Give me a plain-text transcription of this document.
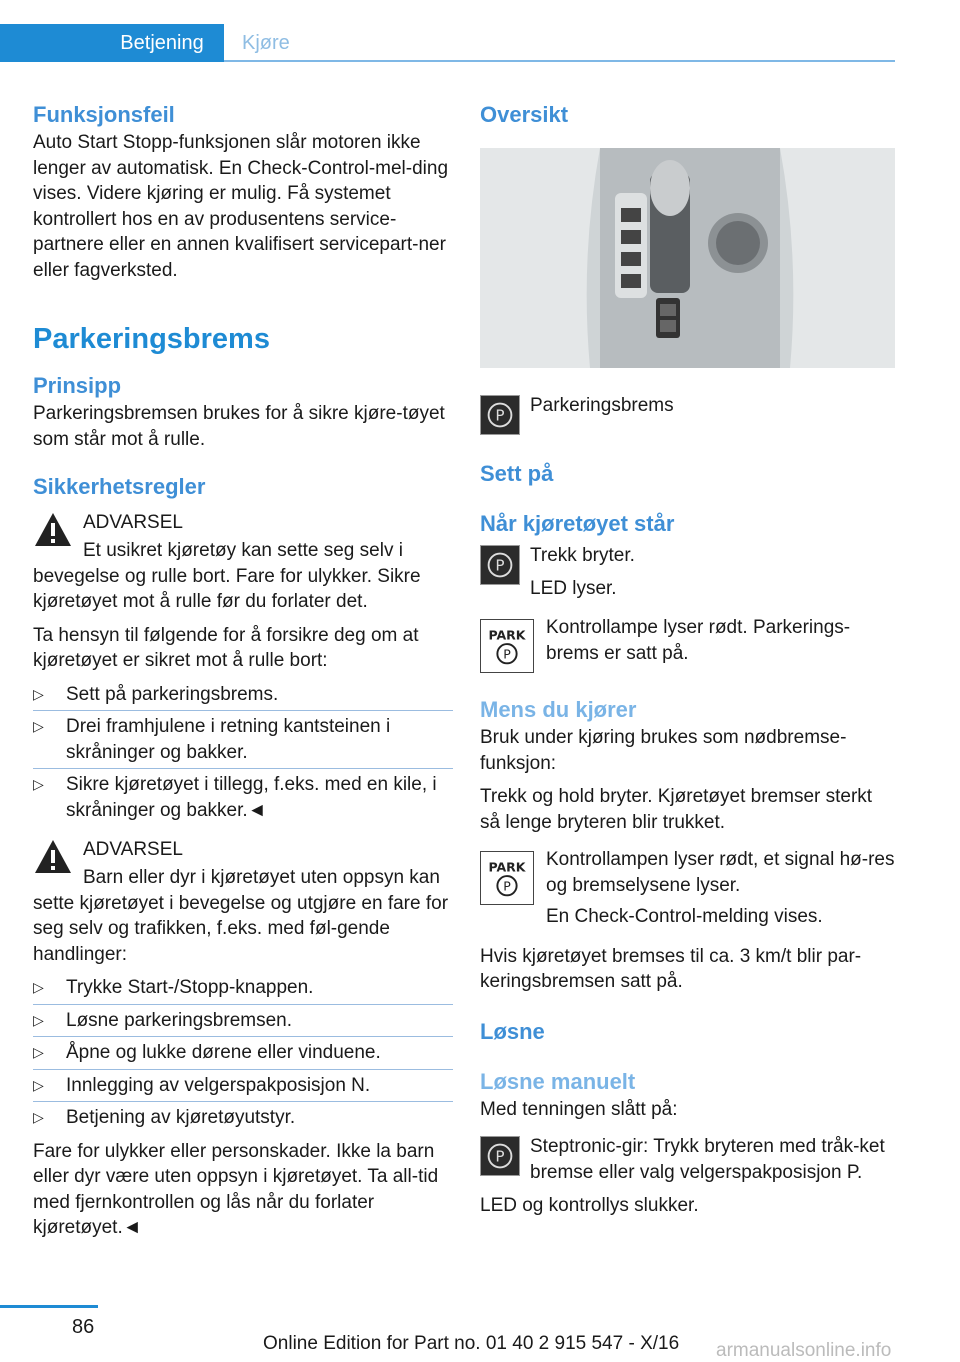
Betjening	Kjøre

Funksjonsfeil

Auto Start Stopp-funksjonen slår motoren ikke lenger av automatisk. En Check-Control-mel-ding vises. Videre kjøring er mulig. Få systemet kontrollert hos en av produsentens service-partnere eller en annen kvalifisert servicepart-ner eller fagverksted.

Parkeringsbrems

Prinsipp

Parkeringsbremsen brukes for å sikre kjøre-tøyet som står mot å rulle.

Sikkerhetsregler

ADVARSEL

Et usikret kjøretøy kan sette seg selv i bevegelse og rulle bort. Fare for ulykker. Sikre kjøretøyet mot å rulle før du forlater det.

Ta hensyn til følgende for å forsikre deg om at kjøretøyet er sikret mot å rulle bort:

▷ Sett på parkeringsbrems.
▷ Drei framhjulene i retning kantsteinen i skråninger og bakker.
▷ Sikre kjøretøyet i tillegg, f.eks. med en kile, i skråninger og bakker.◄

ADVARSEL

Barn eller dyr i kjøretøyet uten oppsyn kan sette kjøretøyet i bevegelse og utgjøre en fare for seg selv og trafikken, f.eks. med føl-gende handlinger:

▷ Trykke Start-/Stopp-knappen.
▷ Løsne parkeringsbremsen.
▷ Åpne og lukke dørene eller vinduene.
▷ Innlegging av velgerspakposisjon N.
▷ Betjening av kjøretøyutstyr.

Fare for ulykker eller personskader. Ikke la barn eller dyr være uten oppsyn i kjøretøyet. Ta all-tid med fjernkontrollen og lås når du forlater kjøretøyet.◄

Oversikt

P Parkeringsbrems

Sett på

Når kjøretøyet står

P Trekk bryter.

LED lyser.

PARK
P

Kontrollampe lyser rødt. Parkerings-brems er satt på.

Mens du kjører

Bruk under kjøring brukes som nødbremse-funksjon:

Trekk og hold bryter. Kjøretøyet bremser sterkt så lenge bryteren blir trukket.

PARK
P

Kontrollampen lyser rødt, et signal hø-res og bremselysene lyser.

En Check-Control-melding vises.

Hvis kjøretøyet bremses til ca. 3 km/t blir par-keringsbremsen satt på.

Løsne

Løsne manuelt

Med tenningen slått på:

P Steptronic-gir: Trykk bryteren med tråk-ket bremse eller valg velgerspakposisjon P.

LED og kontrollys slukker.

86
Online Edition for Part no. 01 40 2 915 547 - X/16 armanualsonline.info
